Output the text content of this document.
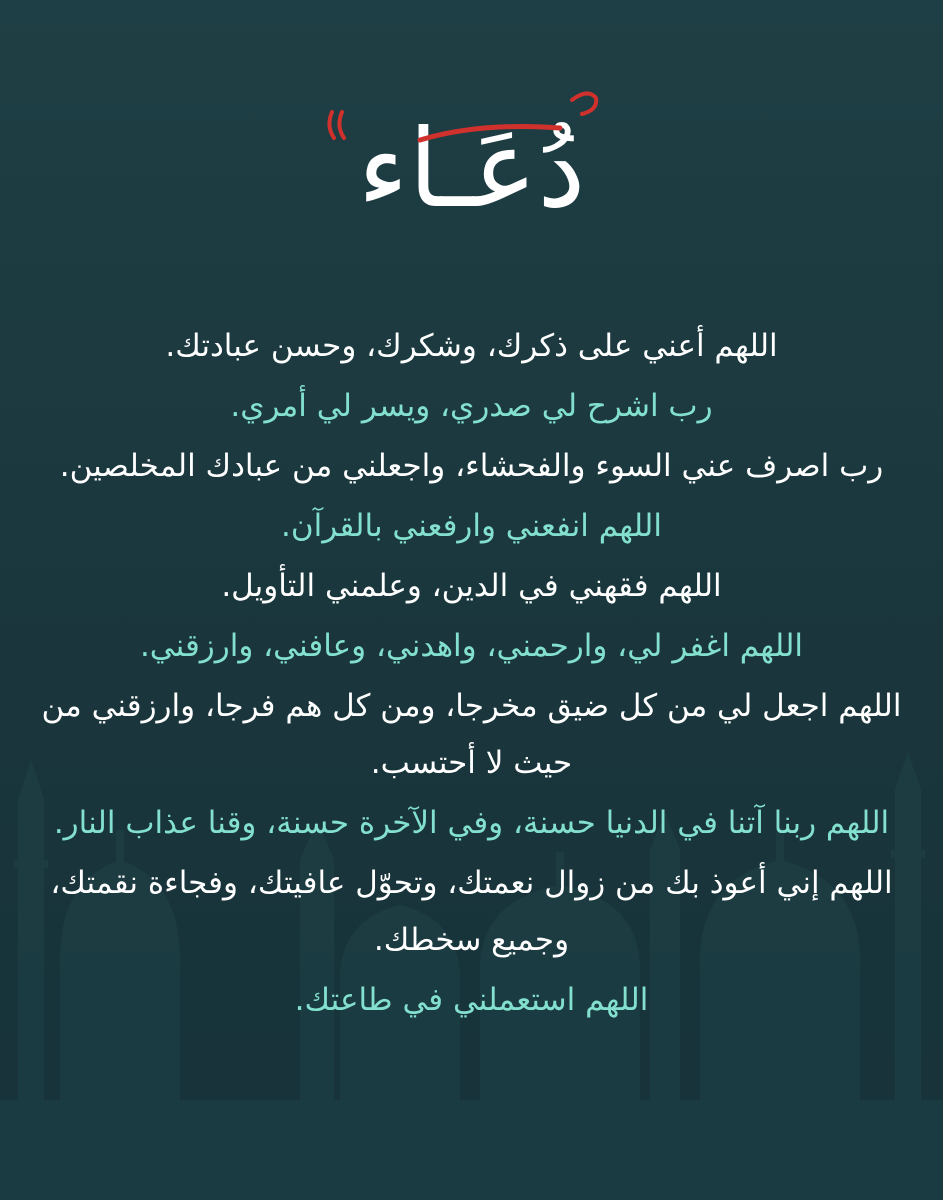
دُعَـاء

اللهم أعني على ذكرك، وشكرك، وحسن عبادتك.

رب اشرح لي صدري، ويسر لي أمري.

رب اصرف عني السوء والفحشاء، واجعلني من عبادك المخلصين.

اللهم انفعني وارفعني بالقرآن.

اللهم فقهني في الدين، وعلمني التأويل.

اللهم اغفر لي، وارحمني، واهدني، وعافني، وارزقني.

اللهم اجعل لي من كل ضيق مخرجا، ومن كل هم فرجا، وارزقني من حيث لا أحتسب.

اللهم ربنا آتنا في الدنيا حسنة، وفي الآخرة حسنة، وقنا عذاب النار.

اللهم إني أعوذ بك من زوال نعمتك، وتحوّل عافيتك، وفجاءة نقمتك، وجميع سخطك.

اللهم استعملني في طاعتك.
